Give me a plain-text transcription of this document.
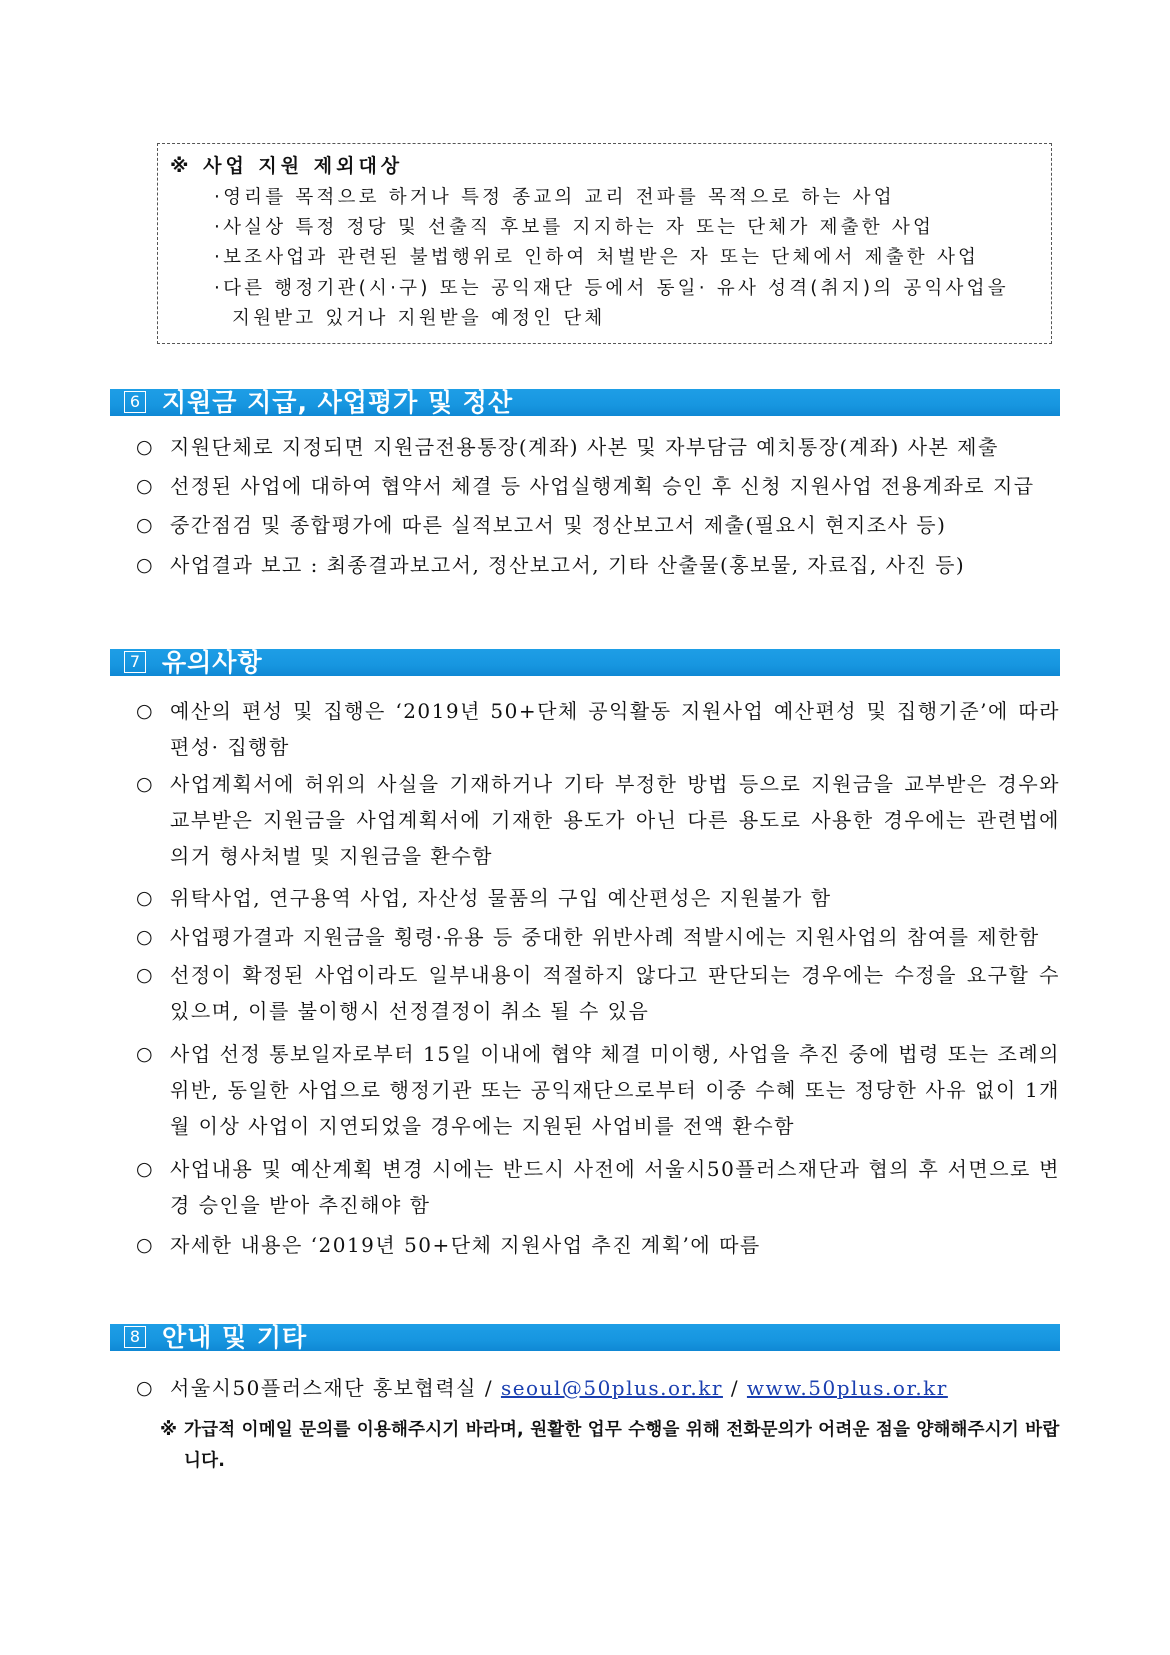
※ 사업 지원 제외대상
·영리를 목적으로 하거나 특정 종교의 교리 전파를 목적으로 하는 사업
·사실상 특정 정당 및 선출직 후보를 지지하는 자 또는 단체가 제출한 사업
·보조사업과 관련된 불법행위로 인하여 처벌받은 자 또는 단체에서 제출한 사업
·다른 행정기관(시·구) 또는 공익재단 등에서 동일· 유사 성격(취지)의 공익사업을
지원받고 있거나 지원받을 예정인 단체
6 지원금 지급, 사업평가 및 정산
○ 지원단체로 지정되면 지원금전용통장(계좌) 사본 및 자부담금 예치통장(계좌) 사본 제출
○ 선정된 사업에 대하여 협약서 체결 등 사업실행계획 승인 후 신청 지원사업 전용계좌로 지급
○ 중간점검 및 종합평가에 따른 실적보고서 및 정산보고서 제출(필요시 현지조사 등)
○ 사업결과 보고 : 최종결과보고서, 정산보고서, 기타 산출물(홍보물, 자료집, 사진 등)
7 유의사항
○ 예산의 편성 및 집행은 ‘2019년 50+단체 공익활동 지원사업 예산편성 및 집행기준’에 따라 편성· 집행함
○ 사업계획서에 허위의 사실을 기재하거나 기타 부정한 방법 등으로 지원금을 교부받은 경우와 교부받은 지원금을 사업계획서에 기재한 용도가 아닌 다른 용도로 사용한 경우에는 관련법에 의거 형사처벌 및 지원금을 환수함
○ 위탁사업, 연구용역 사업, 자산성 물품의 구입 예산편성은 지원불가 함
○ 사업평가결과 지원금을 횡령·유용 등 중대한 위반사례 적발시에는 지원사업의 참여를 제한함
○ 선정이 확정된 사업이라도 일부내용이 적절하지 않다고 판단되는 경우에는 수정을 요구할 수 있으며, 이를 불이행시 선정결정이 취소 될 수 있음
○ 사업 선정 통보일자로부터 15일 이내에 협약 체결 미이행, 사업을 추진 중에 법령 또는 조례의 위반, 동일한 사업으로 행정기관 또는 공익재단으로부터 이중 수혜 또는 정당한 사유 없이 1개월 이상 사업이 지연되었을 경우에는 지원된 사업비를 전액 환수함
○ 사업내용 및 예산계획 변경 시에는 반드시 사전에 서울시50플러스재단과 협의 후 서면으로 변경 승인을 받아 추진해야 함
○ 자세한 내용은 ‘2019년 50+단체 지원사업 추진 계획’에 따름
8 안내 및 기타
○ 서울시50플러스재단 홍보협력실 / seoul@50plus.or.kr / www.50plus.or.kr
※ 가급적 이메일 문의를 이용해주시기 바라며, 원활한 업무 수행을 위해 전화문의가 어려운 점을 양해해주시기 바랍니다.
